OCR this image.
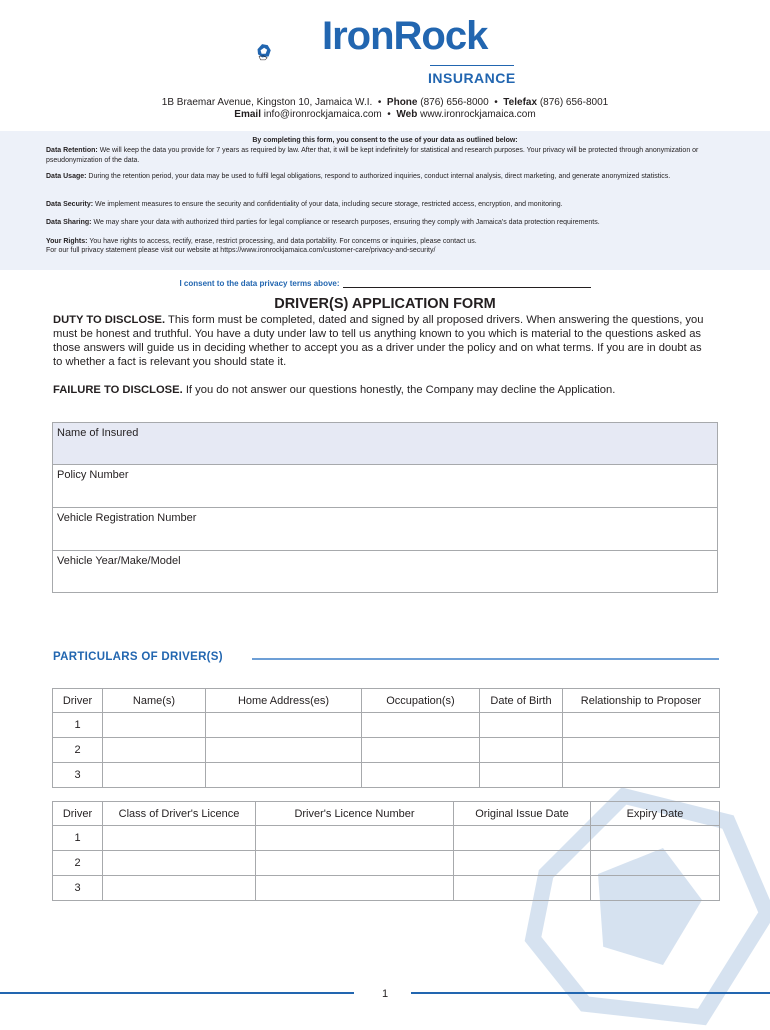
IronRock
INSURANCE
1B Braemar Avenue, Kingston 10, Jamaica W.I. • Phone (876) 656-8000 • Telefax (876) 656-8001
Email info@ironrockjamaica.com • Web www.ironrockjamaica.com
By completing this form, you consent to the use of your data as outlined below:
Data Retention: We will keep the data you provide for 7 years as required by law. After that, it will be kept indefinitely for statistical and research purposes. Your privacy will be protected through anonymization or pseudonymization of the data.
Data Usage: During the retention period, your data may be used to fulfil legal obligations, respond to authorized inquiries, conduct internal analysis, direct marketing, and generate anonymized statistics.
Data Security: We implement measures to ensure the security and confidentiality of your data, including secure storage, restricted access, encryption, and monitoring.
Data Sharing: We may share your data with authorized third parties for legal compliance or research purposes, ensuring they comply with Jamaica's data protection requirements.
Your Rights: You have rights to access, rectify, erase, restrict processing, and data portability. For concerns or inquiries, please contact us.
For our full privacy statement please visit our website at https://www.ironrockjamaica.com/customer-care/privacy-and-security/
I consent to the data privacy terms above:
DRIVER(S) APPLICATION FORM
DUTY TO DISCLOSE. This form must be completed, dated and signed by all proposed drivers. When answering the questions, you must be honest and truthful. You have a duty under law to tell us anything known to you which is material to the questions asked as those answers will guide us in deciding whether to accept you as a driver under the policy and on what terms. If you are in doubt as to whether a fact is relevant you should state it.
FAILURE TO DISCLOSE. If you do not answer our questions honestly, the Company may decline the Application.
Name of Insured
Policy Number
Vehicle Registration Number
Vehicle Year/Make/Model
PARTICULARS OF DRIVER(S)
Driver	Name(s)	Home Address(es)	Occupation(s)	Date of Birth	Relationship to Proposer
1					
2					
3					
Driver	Class of Driver's Licence	Driver's Licence Number	Original Issue Date	Expiry Date
1				
2				
3				
1
